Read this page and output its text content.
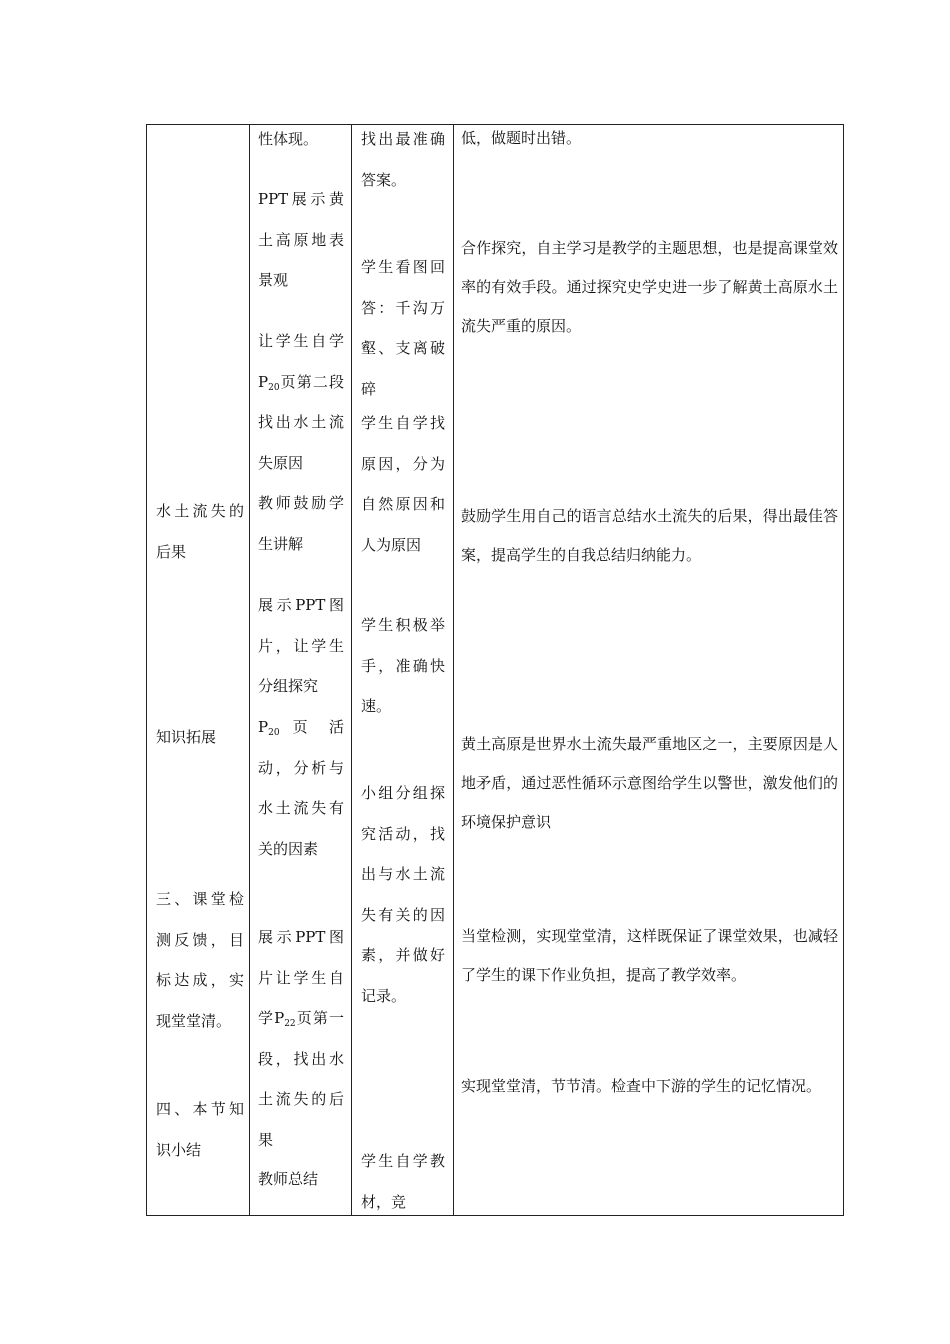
水土流失的后果

知识拓展

三、课堂检测反馈，目标达成，实现堂堂清。

四、本节知识小结

性体现。

PPT展示黄土高原地表景观

让学生自学$P_{20}$页第二段找出水土流失原因

教师鼓励学生讲解

展示PPT图片，让学生分组探究

$P_{20}$ 页 活 动，分析与水土流失有关的因素

展示PPT图片让学生自学$P_{22}$页第一段，找出水土流失的后果

教师总结

找出最准确答案。

学生看图回答：千沟万壑、支离破碎

学生自学找原因，分为自然原因和人为原因

学生积极举手，准确快速。

小组分组探究活动，找出与水土流失有关的因素，并做好记录。

学生自学教材，竞

低，做题时出错。

合作探究，自主学习是教学的主题思想，也是提高课堂效率的有效手段。通过探究史学史进一步了解黄土高原水土流失严重的原因。

鼓励学生用自己的语言总结水土流失的后果，得出最佳答案，提高学生的自我总结归纳能力。

黄土高原是世界水土流失最严重地区之一，主要原因是人地矛盾，通过恶性循环示意图给学生以警世，激发他们的环境保护意识

当堂检测，实现堂堂清，这样既保证了课堂效果，也减轻了学生的课下作业负担，提高了教学效率。

实现堂堂清，节节清。检查中下游的学生的记忆情况。
